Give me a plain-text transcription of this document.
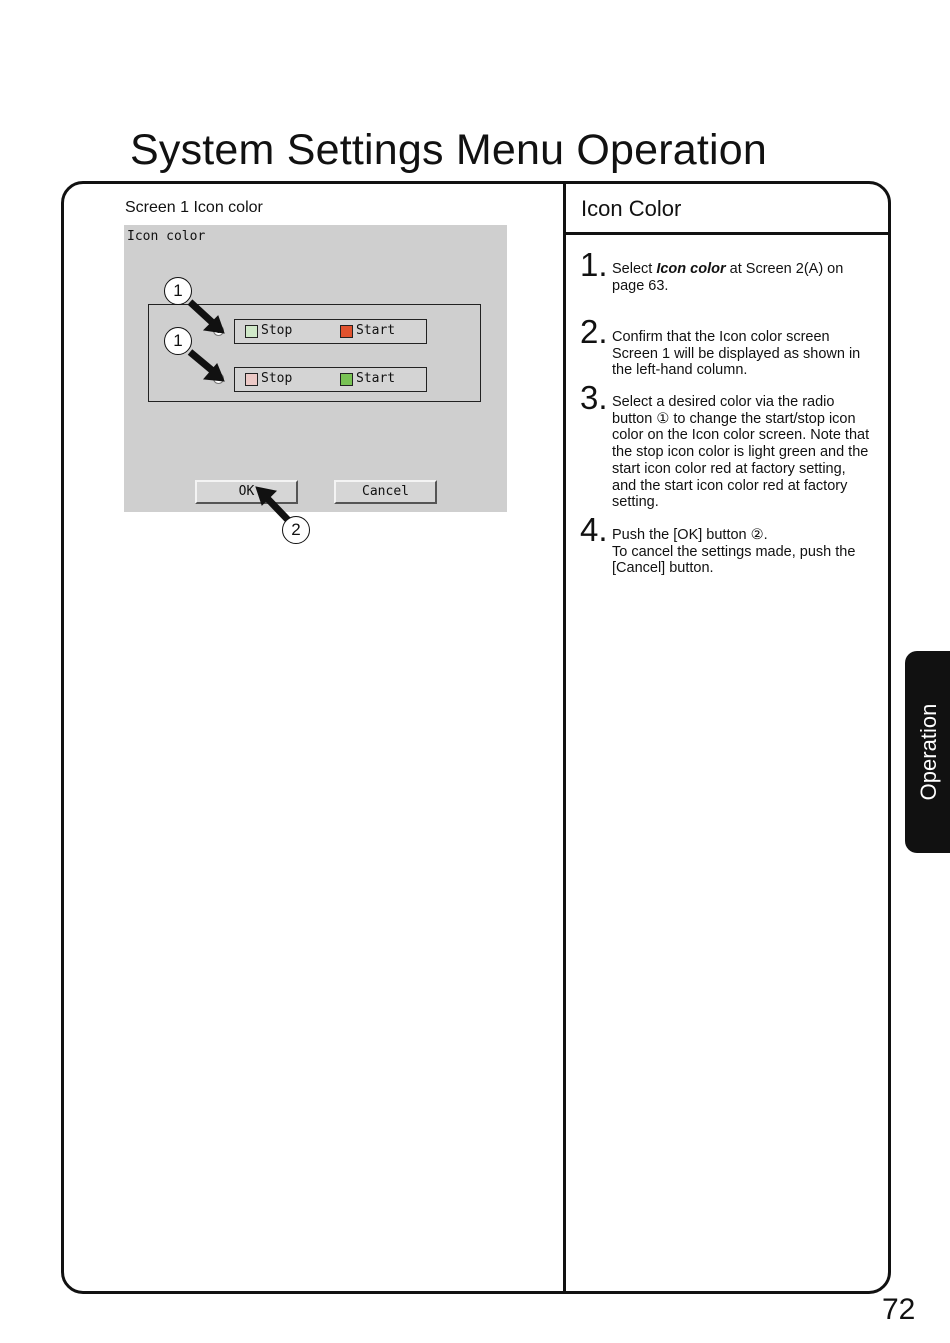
System Settings Menu Operation
Screen 1 Icon color
Icon color
Stop	Start
Stop	Start
OK	Cancel
1
1
2
Icon Color
1. Select Icon color at Screen 2(A) on page 63.
2. Confirm that the Icon color screen Screen 1 will be displayed as shown in the left-hand column.
3. Select a desired color via the radio button ① to change the start/stop icon color on the Icon color screen. Note that the stop icon color is light green and the start icon color red at factory setting, and the start icon color red at factory setting.
4. Push the [OK] button ②.
To cancel the settings made, push the [Cancel] button.
Operation
72
